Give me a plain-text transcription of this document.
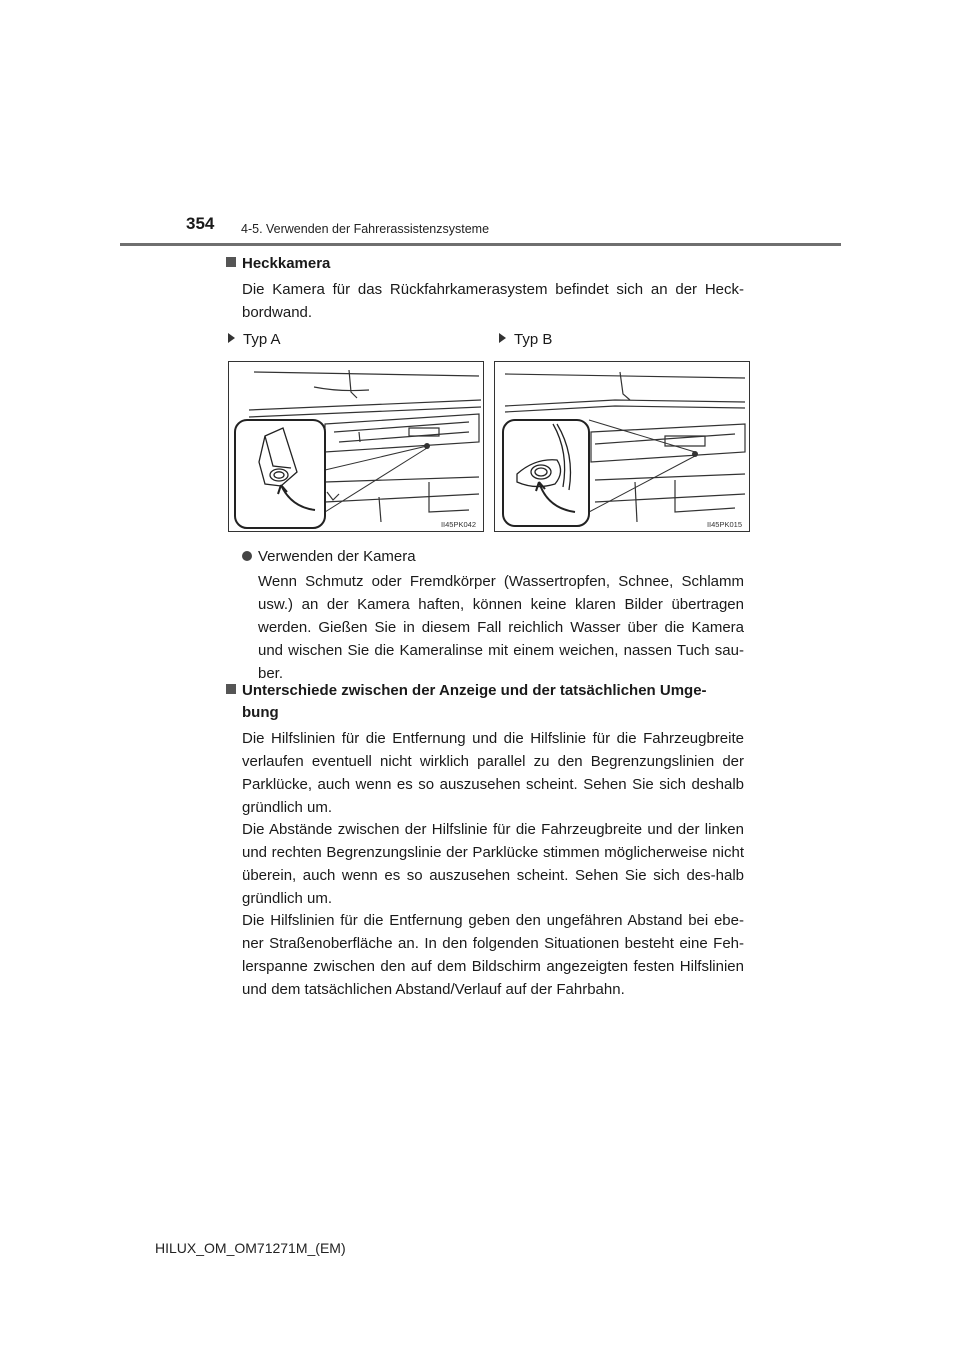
354 4-5. Verwenden der Fahrerassistenzsysteme
Heckkamera

Die Kamera für das Rückfahrkamerasystem befindet sich an der Heck-bordwand.

Typ A	Typ B
II45PK042	II45PK015
Verwenden der Kamera

Wenn Schmutz oder Fremdkörper (Wassertropfen, Schnee, Schlamm usw.) an der Kamera haften, können keine klaren Bilder übertragen werden. Gießen Sie in diesem Fall reichlich Wasser über die Kamera und wischen Sie die Kameralinse mit einem weichen, nassen Tuch sau-ber.

Unterschiede zwischen der Anzeige und der tatsächlichen Umge-
bung

Die Hilfslinien für die Entfernung und die Hilfslinie für die Fahrzeugbreite verlaufen eventuell nicht wirklich parallel zu den Begrenzungslinien der Parklücke, auch wenn es so auszusehen scheint. Sehen Sie sich deshalb gründlich um.

Die Abstände zwischen der Hilfslinie für die Fahrzeugbreite und der linken und rechten Begrenzungslinie der Parklücke stimmen möglicherweise nicht überein, auch wenn es so auszusehen scheint. Sehen Sie sich des-halb gründlich um.

Die Hilfslinien für die Entfernung geben den ungefähren Abstand bei ebe-ner Straßenoberfläche an. In den folgenden Situationen besteht eine Feh-lerspanne zwischen den auf dem Bildschirm angezeigten festen Hilfslinien und dem tatsächlichen Abstand/Verlauf auf der Fahrbahn.

HILUX_OM_OM71271M_(EM)
